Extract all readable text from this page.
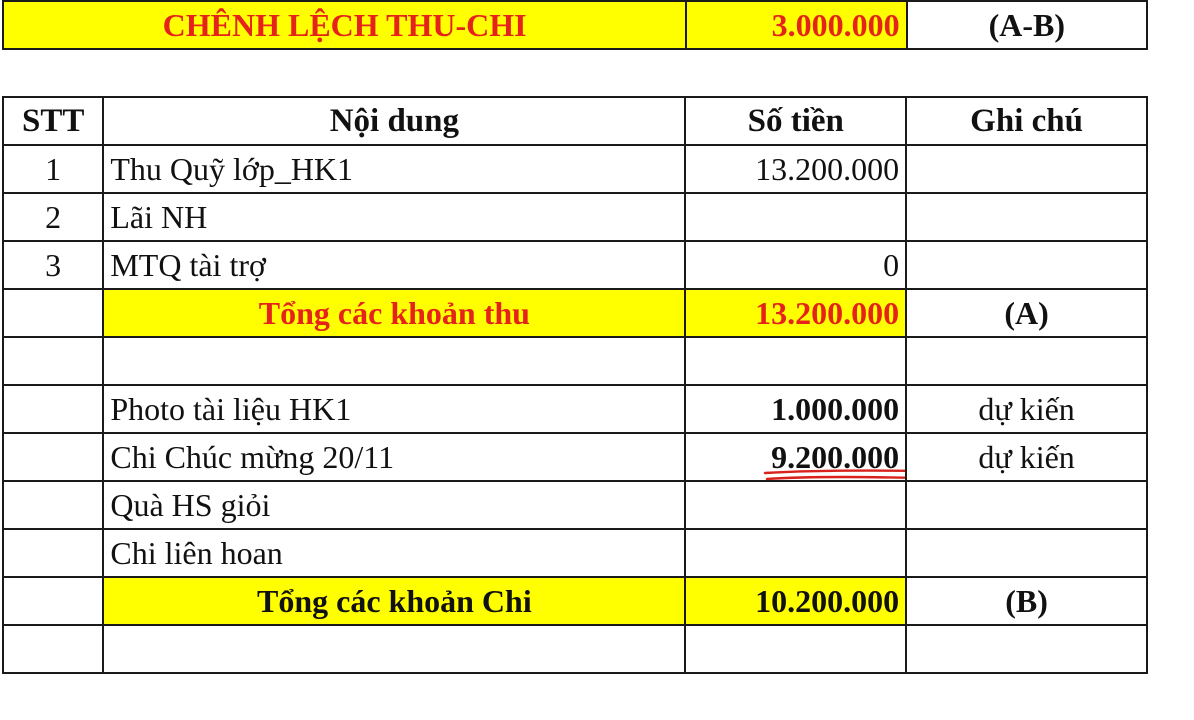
CHÊNH LỆCH THU-CHI	3.000.000	(A-B)
STT	Nội dung	Số tiền	Ghi chú
1	Thu Quỹ lớp_HK1	13.200.000	
2	Lãi NH		
3	MTQ tài trợ	0	
	Tổng các khoản thu	13.200.000	(A)

	Photo tài liệu HK1	1.000.000	dự kiến
	Chi Chúc mừng 20/11	9.200.000	dự kiến
	Quà HS giỏi		
	Chi liên hoan		
	Tổng các khoản Chi	10.200.000	(B)
